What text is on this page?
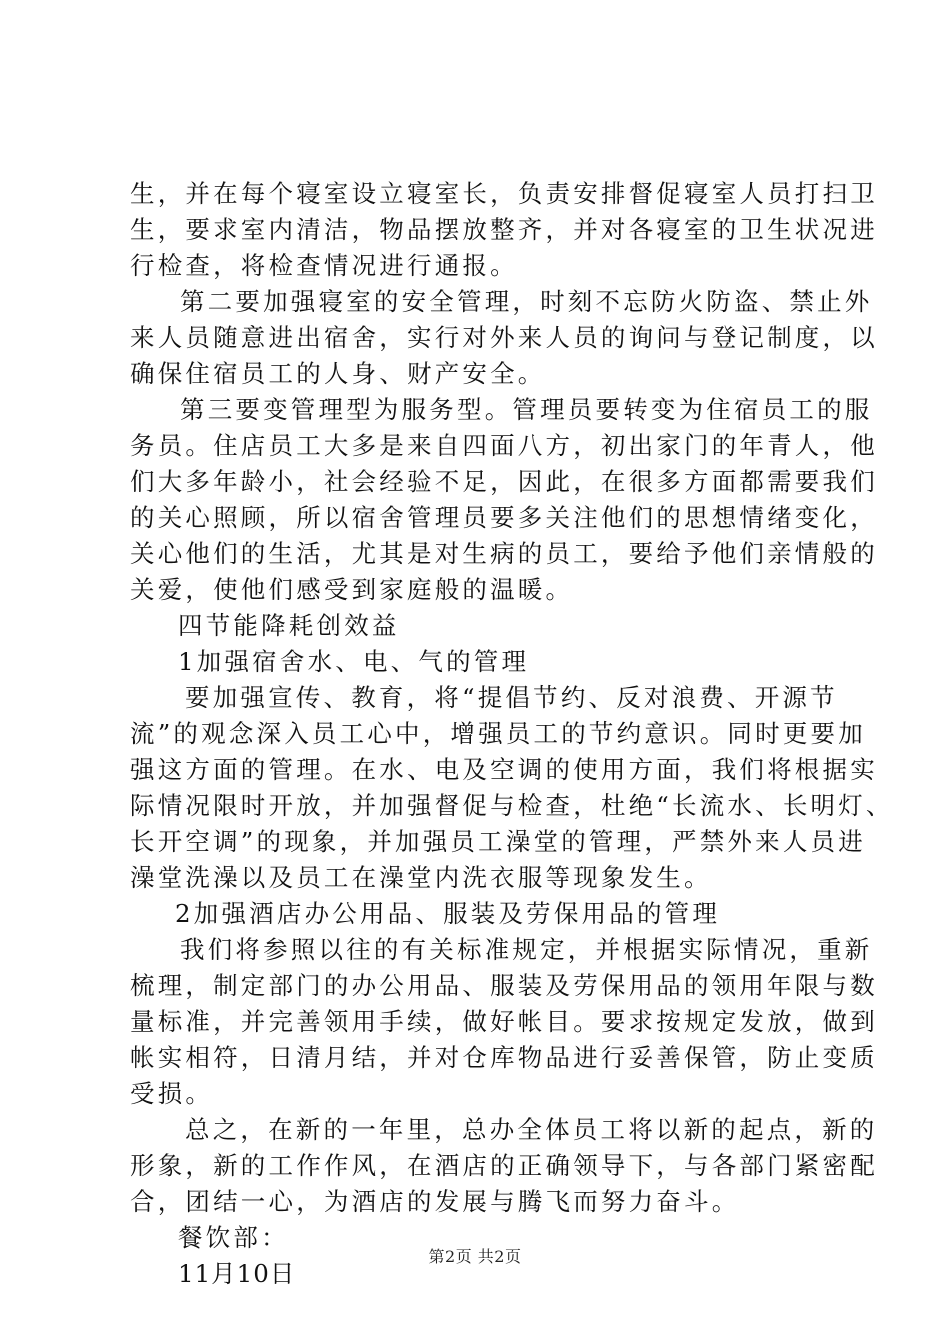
生，并在每个寝室设立寝室长，负责安排督促寝室人员打扫卫
生，要求室内清洁，物品摆放整齐，并对各寝室的卫生状况进
行检查，将检查情况进行通报。
第二要加强寝室的安全管理，时刻不忘防火防盗、禁止外
来人员随意进出宿舍，实行对外来人员的询问与登记制度，以
确保住宿员工的人身、财产安全。
第三要变管理型为服务型。管理员要转变为住宿员工的服
务员。住店员工大多是来自四面八方，初出家门的年青人，他
们大多年龄小，社会经验不足，因此，在很多方面都需要我们
的关心照顾，所以宿舍管理员要多关注他们的思想情绪变化，
关心他们的生活，尤其是对生病的员工，要给予他们亲情般的
关爱，使他们感受到家庭般的温暖。
四节能降耗创效益
1加强宿舍水、电、气的管理
要加强宣传、教育，将“提倡节约、反对浪费、开源节
流”的观念深入员工心中，增强员工的节约意识。同时更要加
强这方面的管理。在水、电及空调的使用方面，我们将根据实
际情况限时开放，并加强督促与检查，杜绝“长流水、长明灯、
长开空调”的现象，并加强员工澡堂的管理，严禁外来人员进
澡堂洗澡以及员工在澡堂内洗衣服等现象发生。
2加强酒店办公用品、服装及劳保用品的管理
我们将参照以往的有关标准规定，并根据实际情况，重新
梳理，制定部门的办公用品、服装及劳保用品的领用年限与数
量标准，并完善领用手续，做好帐目。要求按规定发放，做到
帐实相符，日清月结，并对仓库物品进行妥善保管，防止变质
受损。
总之，在新的一年里，总办全体员工将以新的起点，新的
形象，新的工作作风，在酒店的正确领导下，与各部门紧密配
合，团结一心，为酒店的发展与腾飞而努力奋斗。
餐饮部：
11月10日
第2页 共2页
